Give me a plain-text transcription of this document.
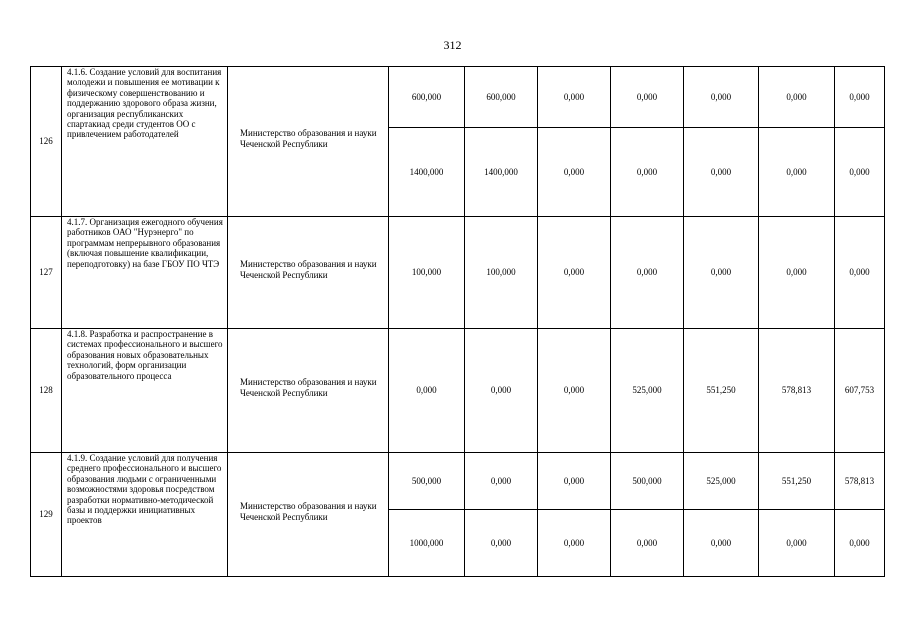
312
126	4.1.6. Создание условий для воспитания молодежи и повышения ее мотивации к физическому совершенствованию и поддержанию здорового образа жизни, организация республиканских спартакиад среди студентов ОО с привлечением работодателей	Министерство образования и науки Чеченской Республики	600,000	600,000	0,000	0,000	0,000	0,000	0,000
			1400,000	1400,000	0,000	0,000	0,000	0,000	0,000
127	4.1.7. Организация ежегодного обучения работников ОАО "Нурэнерго" по программам непрерывного образования (включая повышение квалификации, переподготовку) на базе ГБОУ ПО ЧТЭ	Министерство образования и науки Чеченской Республики	100,000	100,000	0,000	0,000	0,000	0,000	0,000
128	4.1.8. Разработка и распространение в системах профессионального и высшего образования новых образовательных технологий, форм организации образовательного процесса	Министерство образования и науки Чеченской Республики	0,000	0,000	0,000	525,000	551,250	578,813	607,753
129	4.1.9. Создание условий для получения среднего профессионального и высшего образования людьми с ограниченными возможностями здоровья посредством разработки нормативно-методической базы и поддержки инициативных проектов	Министерство образования и науки Чеченской Республики	500,000	0,000	0,000	500,000	525,000	551,250	578,813
			1000,000	0,000	0,000	0,000	0,000	0,000	0,000
